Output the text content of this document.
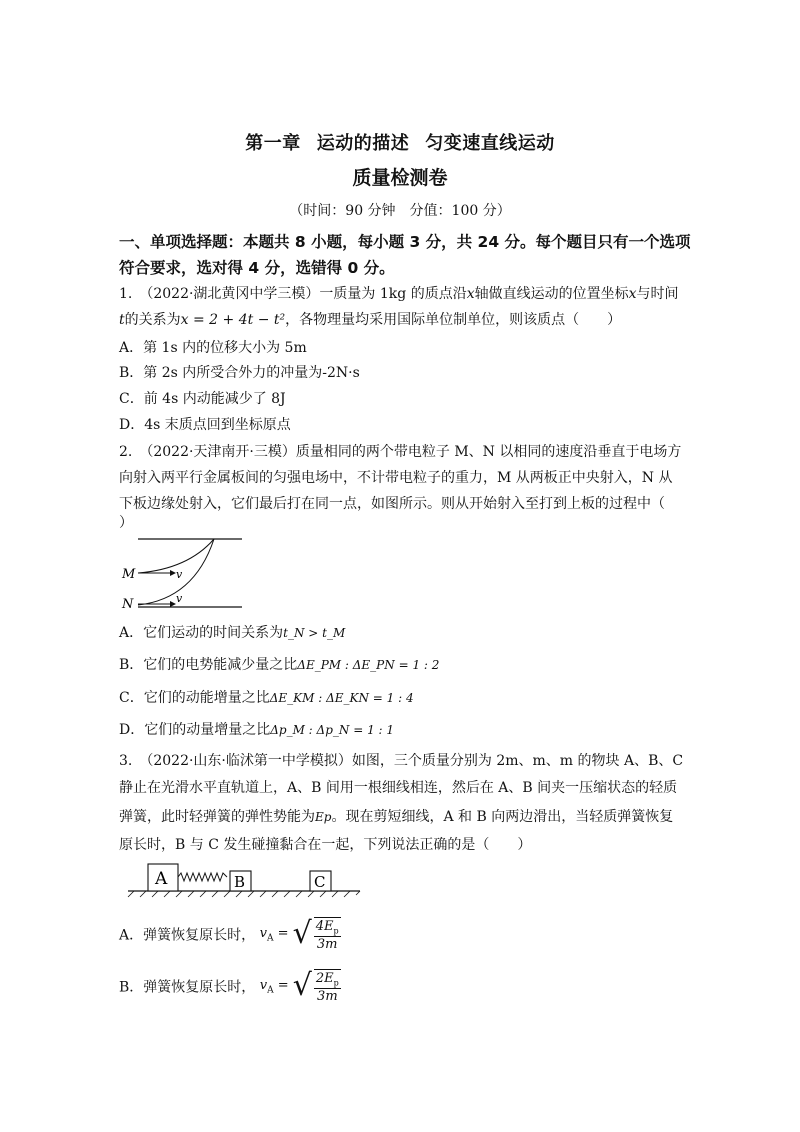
第一章 运动的描述 匀变速直线运动
质量检测卷
（时间：90 分钟　分值：100 分）
一、单项选择题：本题共 8 小题，每小题 3 分，共 24 分。每个题目只有一个选项
符合要求，选对得 4 分，选错得 0 分。
1.　（2022·湖北黄冈中学三模）一质量为 1kg 的质点沿x轴做直线运动的位置坐标x与时间
t的关系为x = 2 + 4t − t²，各物理量均采用国际单位制单位，则该质点（　　）
A．第 1s 内的位移大小为 5m
B．第 2s 内所受合外力的冲量为-2N·s
C．前 4s 内动能减少了 8J
D．4s 末质点回到坐标原点
2.　（2022·天津南开·三模）质量相同的两个带电粒子 M、N 以相同的速度沿垂直于电场方
向射入两平行金属板间的匀强电场中，不计带电粒子的重力，M 从两板正中央射入，N 从
下板边缘处射入，它们最后打在同一点，如图所示。则从开始射入至打到上板的过程中（
）
M
N
v
v
A．它们运动的时间关系为t_N > t_M
B．它们的电势能减少量之比ΔE_PM : ΔE_PN = 1 : 2
C．它们的动能增量之比ΔE_KM : ΔE_KN = 1 : 4
D．它们的动量增量之比Δp_M : Δp_N = 1 : 1
3.　（2022·山东·临沭第一中学模拟）如图，三个质量分别为 2m、m、m 的物块 A、B、C
静止在光滑水平直轨道上，A、B 间用一根细线相连，然后在 A、B 间夹一压缩状态的轻质
弹簧，此时轻弹簧的弹性势能为Ep。现在剪短细线，A 和 B 向两边滑出，当轻质弹簧恢复
原长时，B 与 C 发生碰撞黏合在一起，下列说法正确的是（　　）
A	B	C
A．弹簧恢复原长时， $v_A$ = √ $\frac{4E_p}{3m}$
B．弹簧恢复原长时， $v_A$ = √ $\frac{2E_p}{3m}$
